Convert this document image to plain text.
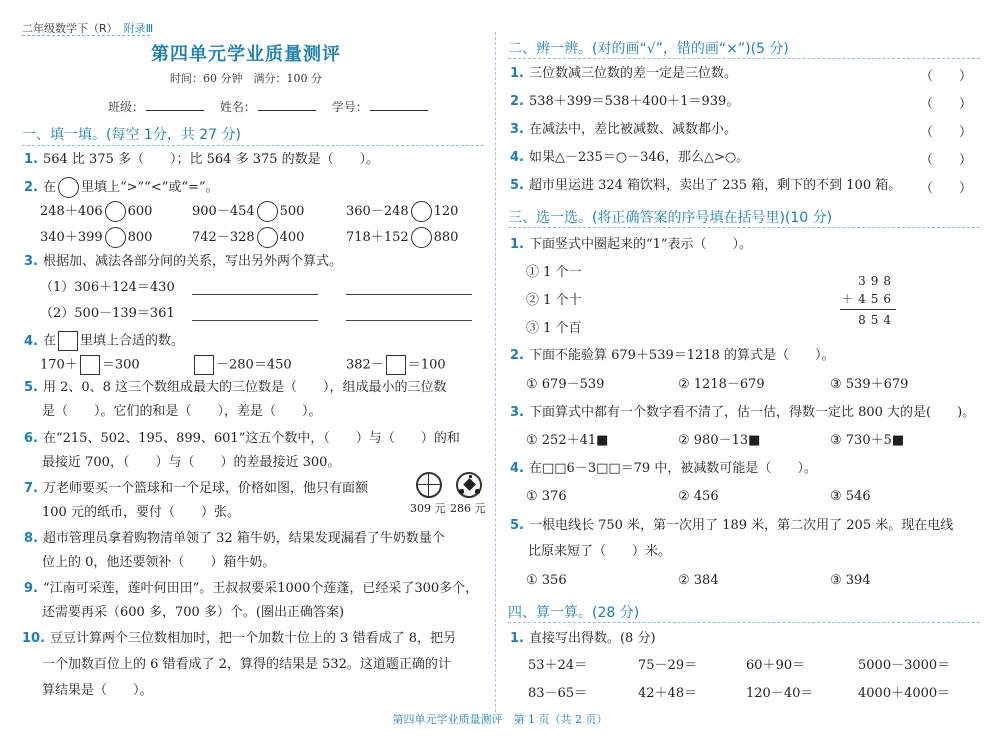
二年级数学下（R） 附录Ⅲ
第四单元学业质量测评
时间：60 分钟　满分：100 分
班级：	姓名：	学号：
一、填一填。(每空 1分，共 27 分)
1. 564 比 375 多（　　）；比 564 多 375 的数是（　　）。
2. 在 里填上“>”“<”或“=”。
248＋406 600	900－454 500	360－248 120
340＋399 800	742－328 400	718＋152 880
3. 根据加、减法各部分间的关系，写出另外两个算式。
（1）306＋124＝430
（2）500－139＝361
4. 在 里填上合适的数。
170＋ ＝300	－280＝450	382－ ＝100
5. 用 2、0、8 这三个数组成最大的三位数是（　　），组成最小的三位数
是（　　）。它们的和是（　　），差是（　　）。
6. 在“215、502、195、899、601”这五个数中，（　　）与（　　）的和
最接近 700，（　　）与（　　）的差最接近 300。
7. 万老师要买一个篮球和一个足球，价格如图，他只有面额
100 元的纸币，要付（　　）张。	309 元 286 元
8. 超市管理员拿着购物清单领了 32 箱牛奶，结果发现漏看了牛奶数量个
位上的 0，他还要领补（　　）箱牛奶。
9. “江南可采莲，莲叶何田田”。王叔叔要采1000个莲蓬，已经采了300多个，
还需要再采（600 多，700 多）个。(圈出正确答案)
10. 豆豆计算两个三位数相加时，把一个加数十位上的 3 错看成了 8，把另
一个加数百位上的 6 错看成了 2，算得的结果是 532。这道题正确的计
算结果是（　　）。
二、辨一辨。(对的画“√”，错的画“×”)(5 分)
1. 三位数减三位数的差一定是三位数。	（　　）
2. 538＋399＝538＋400＋1＝939。	（　　）
3. 在减法中，差比被减数、减数都小。	（　　）
4. 如果△－235＝○－346，那么△>○。	（　　）
5. 超市里运进 324 箱饮料，卖出了 235 箱，剩下的不到 100 箱。 （　　）
三、选一选。(将正确答案的序号填在括号里)(10 分)
1. 下面竖式中圈起来的“1”表示（　　）。
① 1 个一
② 1 个十
③ 1 个百
398
＋456
854
2. 下面不能验算 679＋539＝1218 的算式是（　　）。
① 679－539	② 1218－679	③ 539＋679
3. 下面算式中都有一个数字看不清了，估一估，得数一定比 800 大的是(　　)。
① 252＋41■	② 980－13■	③ 730＋5■
4. 在□□6－3□□＝79 中，被减数可能是（　　）。
① 376	② 456	③ 546
5. 一根电线长 750 米，第一次用了 189 米，第二次用了 205 米。现在电线
比原来短了（　　）米。
① 356	② 384	③ 394
四、算一算。(28 分)
1. 直接写出得数。(8 分)
53＋24＝	75－29＝	60＋90＝	5000－3000＝
83－65＝	42＋48＝	120－40＝	4000＋4000＝
第四单元学业质量测评　第 1 页（共 2 页）
